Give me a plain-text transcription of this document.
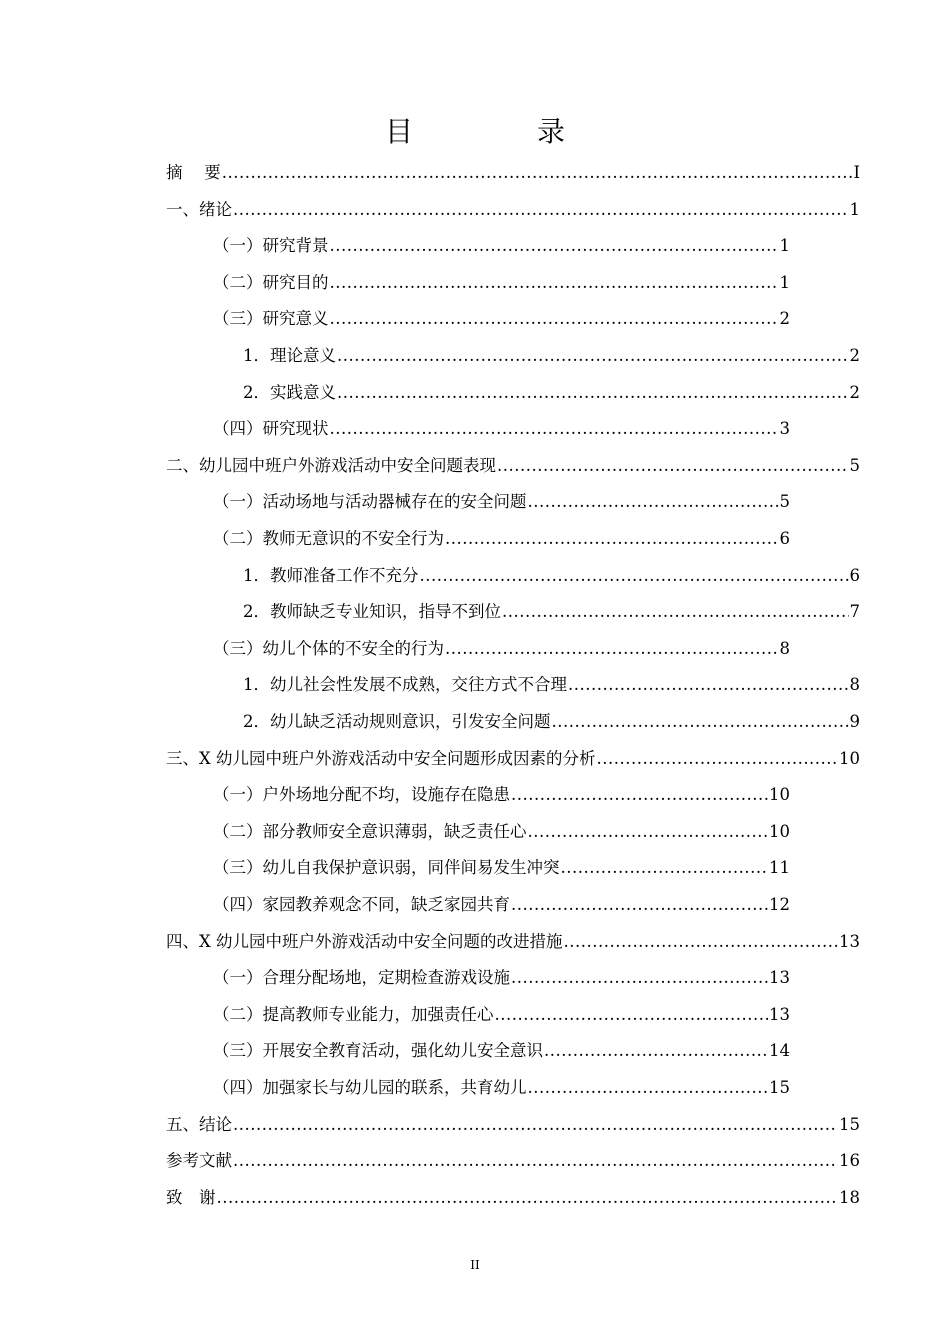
目　录
摘　 要 .....	I
一、 绪论 .....	1
（一） 研究背景 .....	1
（二） 研究目的 .....	1
（三） 研究意义 .....	2
1． 理论意义 .....	2
2． 实践意义 .....	2
（四） 研究现状 .....	3
二、 幼儿园中班户外游戏活动中安全问题表现 .....	5
（一） 活动场地与活动器械存在的安全问题 .....	5
（二） 教师无意识的不安全行为 .....	6
1． 教师准备工作不充分 .....	6
2． 教师缺乏专业知识，指导不到位 .....	7
（三） 幼儿个体的不安全的行为 .....	8
1． 幼儿社会性发展不成熟，交往方式不合理 .....	8
2． 幼儿缺乏活动规则意识，引发安全问题 .....	9
三、 X 幼儿园中班户外游戏活动中安全问题形成因素的分析 .....	10
（一） 户外场地分配不均，设施存在隐患 .....	10
（二） 部分教师安全意识薄弱，缺乏责任心 .....	10
（三） 幼儿自我保护意识弱，同伴间易发生冲突 .....	11
（四） 家园教养观念不同，缺乏家园共育 .....	12
四、 X 幼儿园中班户外游戏活动中安全问题的改进措施 .....	13
（一） 合理分配场地，定期检查游戏设施 .....	13
（二） 提高教师专业能力，加强责任心 .....	13
（三） 开展安全教育活动，强化幼儿安全意识 .....	14
（四） 加强家长与幼儿园的联系，共育幼儿 .....	15
五、 结论 .....	15
参考文献 .....	16
致　谢 .....	18
II
